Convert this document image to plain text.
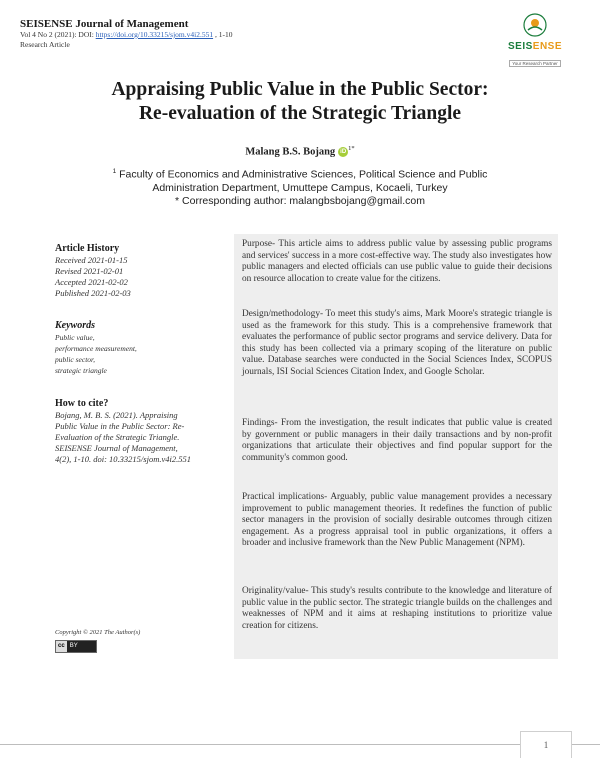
SEISENSE Journal of Management
Vol 4 No 2 (2021): DOI: https://doi.org/10.33215/sjom.v4i2.551 , 1-10
Research Article	SEISENSE
Your Research Partner
Appraising Public Value in the Public Sector:
Re-evaluation of the Strategic Triangle
Malang B.S. Bojang $iD^{1*}$
$^1$ Faculty of Economics and Administrative Sciences, Political Science and Public
Administration Department, Umuttepe Campus, Kocaeli, Turkey
* Corresponding author: malangbsbojang@gmail.com
Article History
Received 2021-01-15
Revised 2021-02-01
Accepted 2021-02-02
Published 2021-02-03
Keywords
Public value,
performance measurement,
public sector,
strategic triangle
How to cite?
Bojang, M. B. S. (2021). Appraising
Public Value in the Public Sector: Re-
Evaluation of the Strategic Triangle.
SEISENSE Journal of Management,
4(2), 1-10. doi: 10.33215/sjom.v4i2.551

Purpose- This article aims to address public value by assessing public programs and services' success in a more cost-effective way. The study also investigates how public managers and elected officials can use public value to guide their decisions on resource allocation to create value for the citizens.

Design/methodology- To meet this study's aims, Mark Moore's strategic triangle is used as the framework for this study. This is a comprehensive framework that evaluates the performance of public sector programs and service delivery. Data for this study has been collected via a primary scoping of the literature on public value. Database searches were conducted in the Social Sciences Index, SCOPUS journals, ISI Social Sciences Citation Index, and Google Scholar.

Findings- From the investigation, the result indicates that public value is created by government or public managers in their daily transactions and by non-profit organizations that articulate their objectives and find popular support for the community's common good.

Practical implications- Arguably, public value management provides a necessary improvement to public management theories. It redefines the function of public sector managers in the provision of socially desirable outcomes through citizen engagement. As a progress appraisal tool in public organizations, it offers a broader and inclusive framework than the New Public Management (NPM).

Originality/value- This study's results contribute to the knowledge and literature of public value in the public sector. The strategic triangle builds on the challenges and weaknesses of NPM and it aims at reshaping institutions to prioritize value creation for citizens.

Copyright © 2021 The Author(s)
cc BY
1
